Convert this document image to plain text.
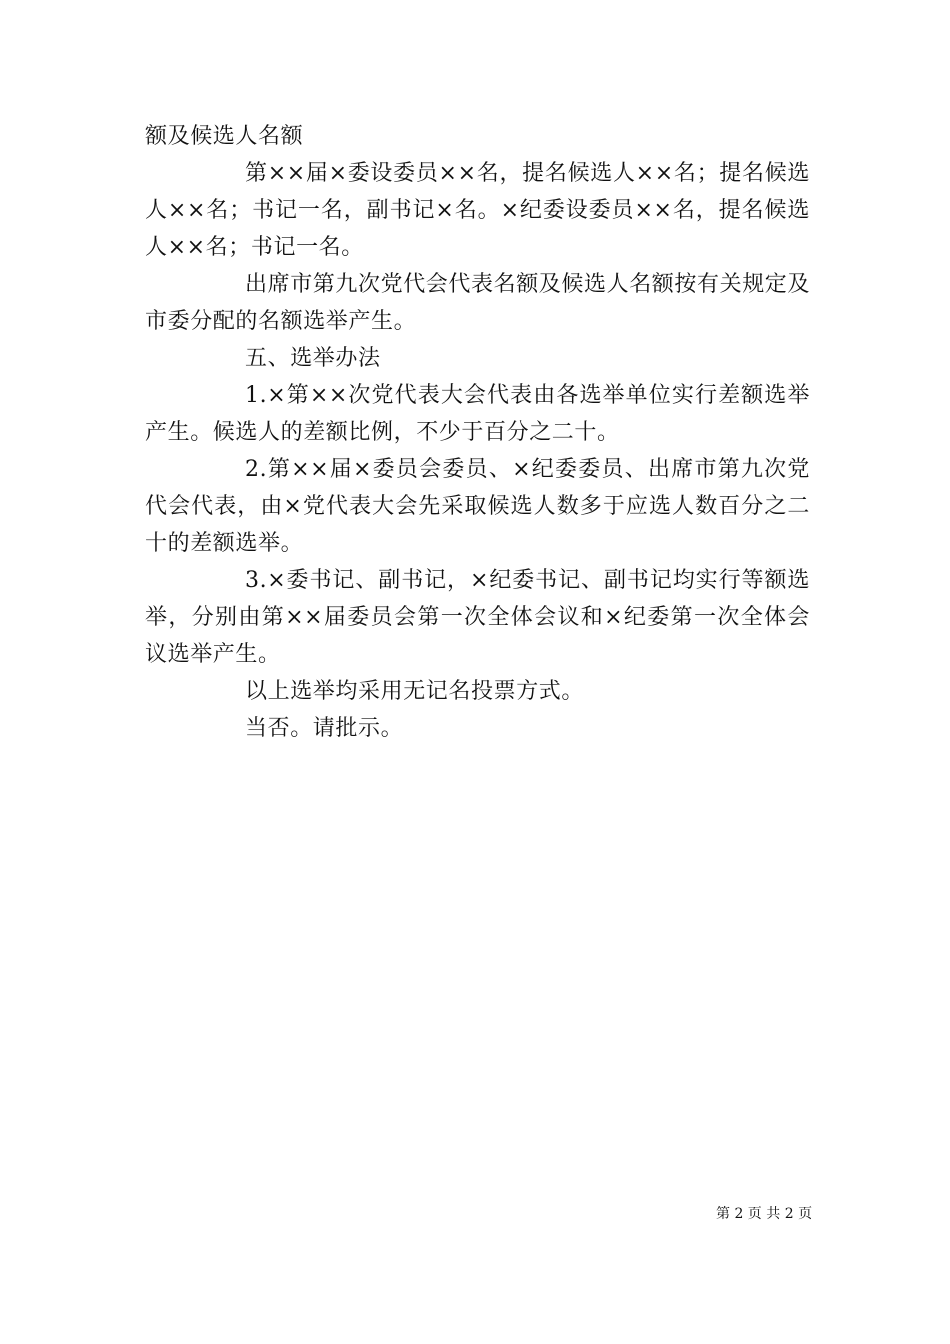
额及候选人名额

第××届×委设委员××名，提名候选人××名；提名候选人××名；书记一名，副书记×名。×纪委设委员××名，提名候选人××名；书记一名。

出席市第九次党代会代表名额及候选人名额按有关规定及市委分配的名额选举产生。

五、选举办法

1.×第××次党代表大会代表由各选举单位实行差额选举产生。候选人的差额比例，不少于百分之二十。

2.第××届×委员会委员、×纪委委员、出席市第九次党代会代表，由×党代表大会先采取候选人数多于应选人数百分之二十的差额选举。

3.×委书记、副书记，×纪委书记、副书记均实行等额选举，分别由第××届委员会第一次全体会议和×纪委第一次全体会议选举产生。

以上选举均采用无记名投票方式。

当否。请批示。

第 2 页 共 2 页
